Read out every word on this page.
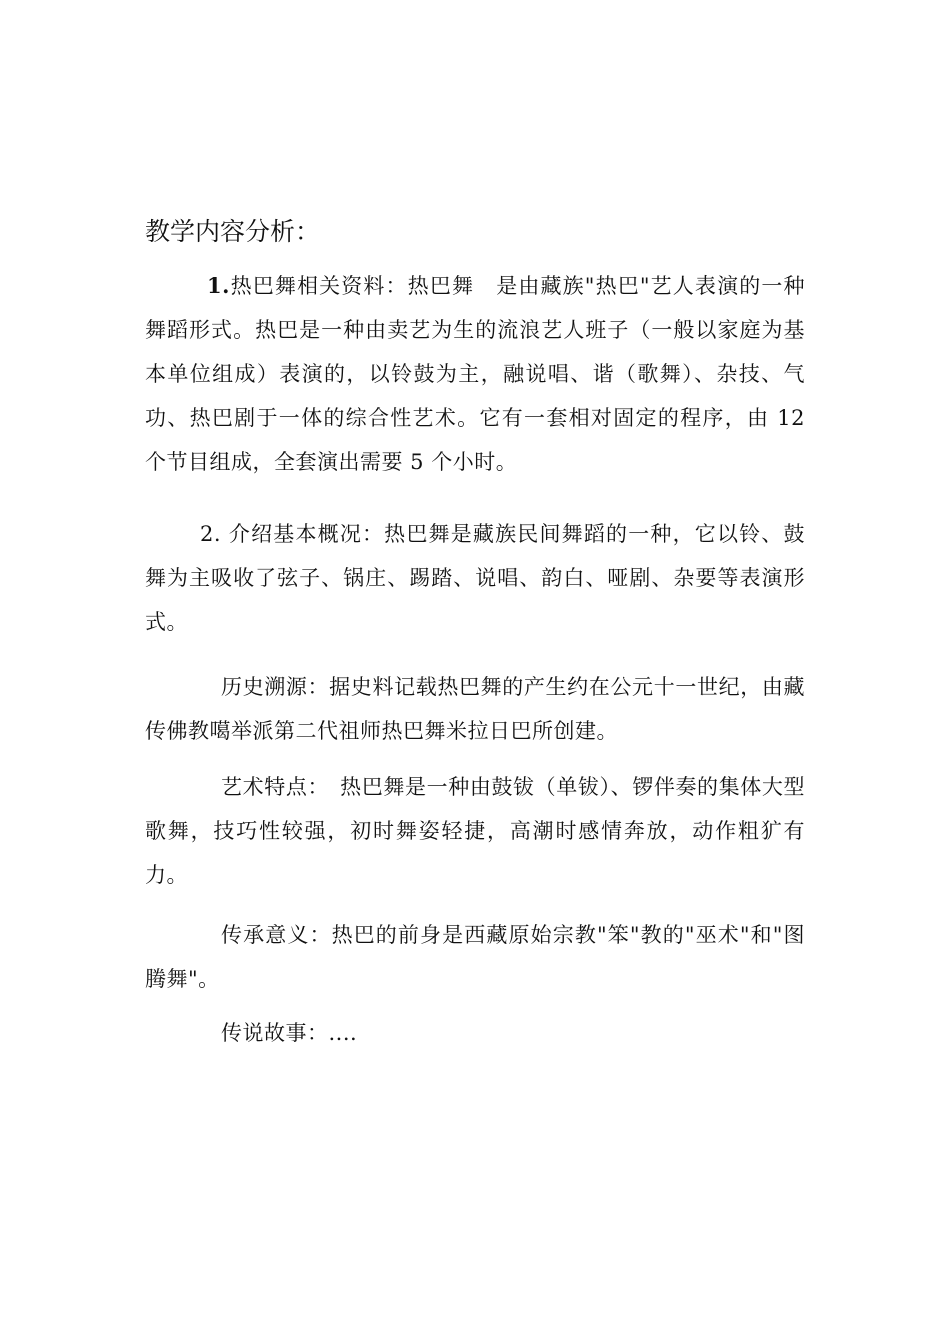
教学内容分析：
1.热巴舞相关资料：热巴舞　是由藏族"热巴"艺人表演的一种舞蹈形式。热巴是一种由卖艺为生的流浪艺人班子（一般以家庭为基本单位组成）表演的，以铃鼓为主，融说唱、谐（歌舞）、杂技、气功、热巴剧于一体的综合性艺术。它有一套相对固定的程序，由 12 个节目组成，全套演出需要 5 个小时。
2. 介绍基本概况：热巴舞是藏族民间舞蹈的一种，它以铃、鼓舞为主吸收了弦子、锅庄、踢踏、说唱、韵白、哑剧、杂要等表演形式。
历史溯源：据史料记载热巴舞的产生约在公元十一世纪，由藏传佛教噶举派第二代祖师热巴舞米拉日巴所创建。
艺术特点：　热巴舞是一种由鼓钹（单钹）、锣伴奏的集体大型歌舞，技巧性较强，初时舞姿轻捷，高潮时感情奔放，动作粗犷有力。
传承意义：热巴的前身是西藏原始宗教"笨"教的"巫术"和"图腾舞"。
传说故事：....
